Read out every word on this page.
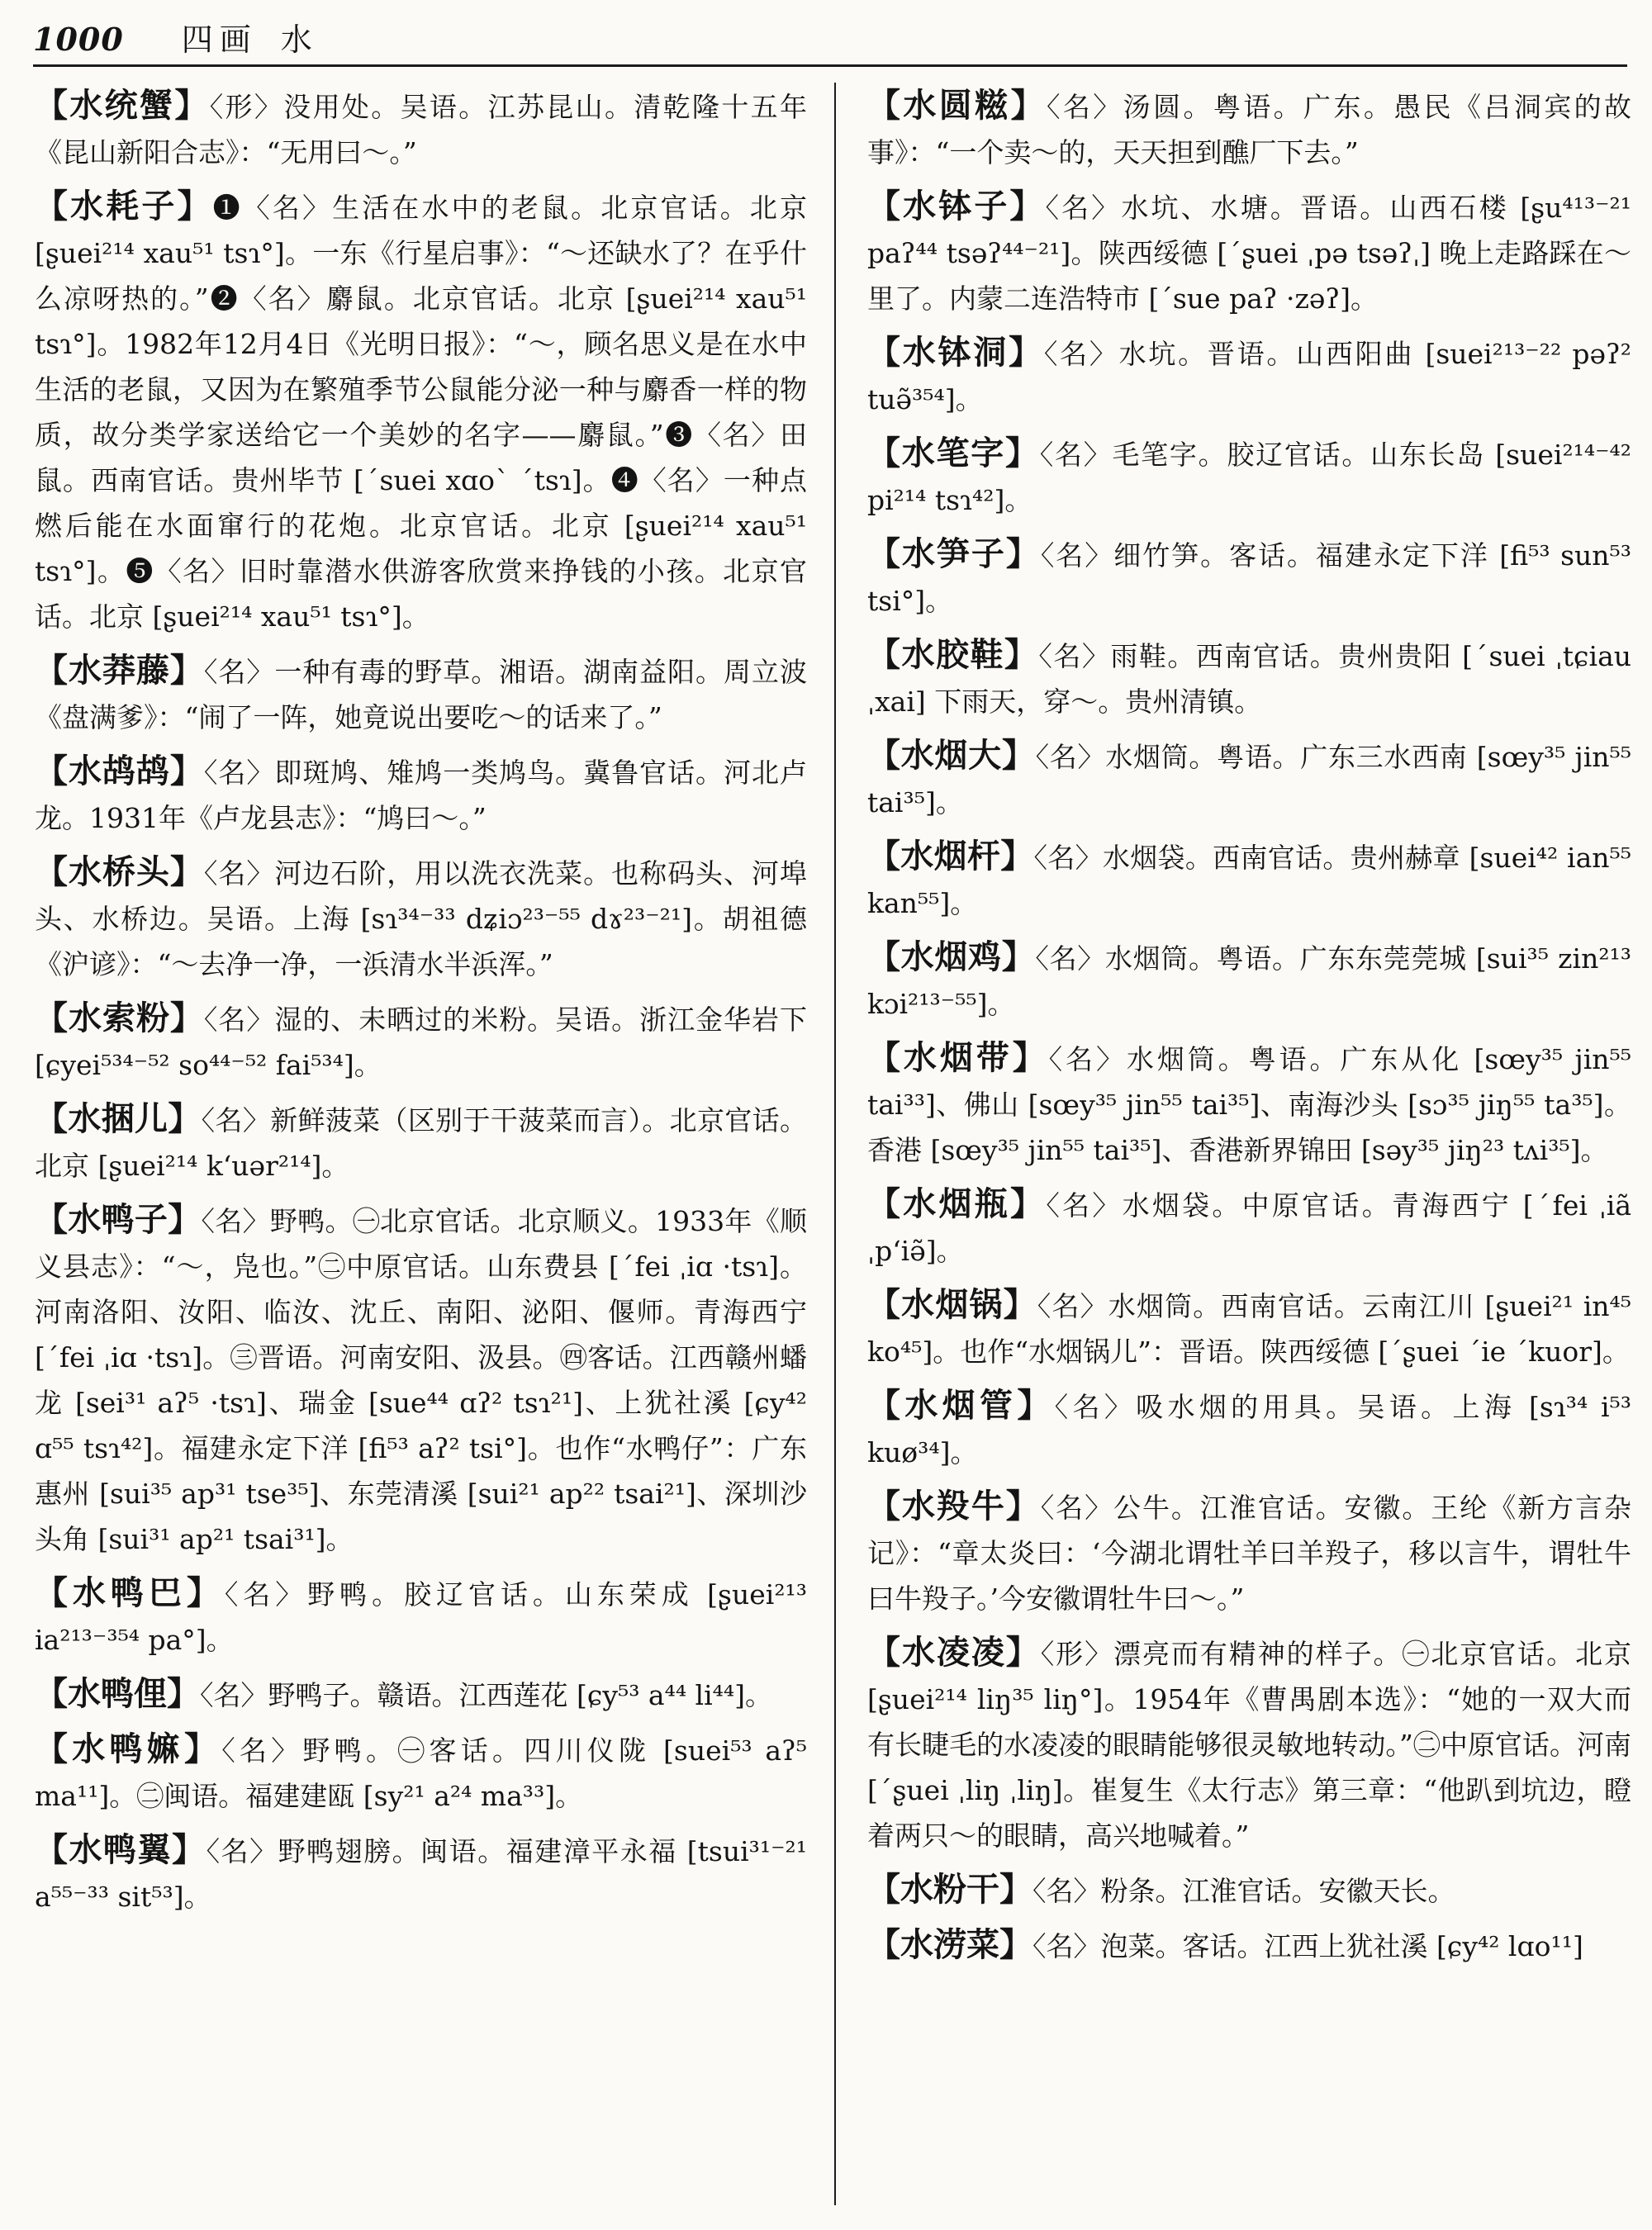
1000 四画 水
【水统蟹】〈形〉没用处。吴语。江苏昆山。清乾隆十五年《昆山新阳合志》：“无用曰～。”
【水耗子】❶〈名〉生活在水中的老鼠。北京官话。北京 [ʂuei²¹⁴ xau⁵¹ tsɿ°]。一东《行星启事》：“～还缺水了？在乎什么凉呀热的。”❷〈名〉麝鼠。北京官话。北京 [ʂuei²¹⁴ xau⁵¹ tsɿ°]。1982年12月4日《光明日报》：“～，顾名思义是在水中生活的老鼠，又因为在繁殖季节公鼠能分泌一种与麝香一样的物质，故分类学家送给它一个美妙的名字——麝鼠。”❸〈名〉田鼠。西南官话。贵州毕节 [ˊsuei xɑoˋ ˊtsɿ]。❹〈名〉一种点燃后能在水面窜行的花炮。北京官话。北京 [ʂuei²¹⁴ xau⁵¹ tsɿ°]。❺〈名〉旧时靠潜水供游客欣赏来挣钱的小孩。北京官话。北京 [ʂuei²¹⁴ xau⁵¹ tsɿ°]。
【水莽藤】〈名〉一种有毒的野草。湘语。湖南益阳。周立波《盘满爹》：“闹了一阵，她竟说出要吃～的话来了。”
【水鸪鸪】〈名〉即斑鸠、雉鸠一类鸠鸟。冀鲁官话。河北卢龙。1931年《卢龙县志》：“鸠曰～。”
【水桥头】〈名〉河边石阶，用以洗衣洗菜。也称码头、河埠头、水桥边。吴语。上海 [sɿ³⁴⁻³³ dʑiɔ²³⁻⁵⁵ dɤ²³⁻²¹]。胡祖德《沪谚》：“～去净一净，一浜清水半浜浑。”
【水索粉】〈名〉湿的、未晒过的米粉。吴语。浙江金华岩下 [ɕyei⁵³⁴⁻⁵² so⁴⁴⁻⁵² fai⁵³⁴]。
【水捆儿】〈名〉新鲜菠菜（区别于干菠菜而言）。北京官话。北京 [ʂuei²¹⁴ kʻuər²¹⁴]。
【水鸭子】〈名〉野鸭。㊀北京官话。北京顺义。1933年《顺义县志》：“～，凫也。”㊁中原官话。山东费县 [ˊfei ˌiɑ ·tsɿ]。河南洛阳、汝阳、临汝、沈丘、南阳、泌阳、偃师。青海西宁 [ˊfei ˌiɑ ·tsɿ]。㊂晋语。河南安阳、汲县。㊃客话。江西赣州蟠龙 [sei³¹ aʔ⁵ ·tsɿ]、瑞金 [sue⁴⁴ ɑʔ² tsɿ²¹]、上犹社溪 [ɕy⁴² ɑ⁵⁵ tsɿ⁴²]。福建永定下洋 [fi⁵³ aʔ² tsi°]。也作“水鸭仔”：广东惠州 [sui³⁵ ap³¹ tse³⁵]、东莞清溪 [sui²¹ ap²² tsai²¹]、深圳沙头角 [sui³¹ ap²¹ tsai³¹]。
【水鸭巴】〈名〉野鸭。胶辽官话。山东荣成 [ʂuei²¹³ ia²¹³⁻³⁵⁴ pa°]。
【水鸭俚】〈名〉野鸭子。赣语。江西莲花 [ɕy⁵³ a⁴⁴ li⁴⁴]。
【水鸭嫲】〈名〉野鸭。㊀客话。四川仪陇 [suei⁵³ aʔ⁵ ma¹¹]。㊁闽语。福建建瓯 [sy²¹ a²⁴ ma³³]。
【水鸭翼】〈名〉野鸭翅膀。闽语。福建漳平永福 [tsui³¹⁻²¹ a⁵⁵⁻³³ sit⁵³]。
【水圆糍】〈名〉汤圆。粤语。广东。愚民《吕洞宾的故事》：“一个卖～的，天天担到醮厂下去。”
【水钵子】〈名〉水坑、水塘。晋语。山西石楼 [ʂu⁴¹³⁻²¹ paʔ⁴⁴ tsəʔ⁴⁴⁻²¹]。陕西绥德 [ˊʂuei ˌpə tsəʔˌ] 晚上走路踩在～里了。内蒙二连浩特市 [ˊsue paʔ ·zəʔ]。
【水钵洞】〈名〉水坑。晋语。山西阳曲 [suei²¹³⁻²² pəʔ² tuə̃³⁵⁴]。
【水笔字】〈名〉毛笔字。胶辽官话。山东长岛 [suei²¹⁴⁻⁴² pi²¹⁴ tsɿ⁴²]。
【水笋子】〈名〉细竹笋。客话。福建永定下洋 [fi⁵³ sun⁵³ tsi°]。
【水胶鞋】〈名〉雨鞋。西南官话。贵州贵阳 [ˊsuei ˌtɕiau ˌxai] 下雨天，穿～。贵州清镇。
【水烟大】〈名〉水烟筒。粤语。广东三水西南 [sœy³⁵ jin⁵⁵ tai³⁵]。
【水烟杆】〈名〉水烟袋。西南官话。贵州赫章 [suei⁴² ian⁵⁵ kan⁵⁵]。
【水烟鸡】〈名〉水烟筒。粤语。广东东莞莞城 [sui³⁵ zin²¹³ kɔi²¹³⁻⁵⁵]。
【水烟带】〈名〉水烟筒。粤语。广东从化 [sœy³⁵ jin⁵⁵ tai³³]、佛山 [sœy³⁵ jin⁵⁵ tai³⁵]、南海沙头 [sɔ³⁵ jiŋ⁵⁵ ta³⁵]。香港 [sœy³⁵ jin⁵⁵ tai³⁵]、香港新界锦田 [səy³⁵ jiŋ²³ tʌi³⁵]。
【水烟瓶】〈名〉水烟袋。中原官话。青海西宁 [ˊfei ˌiã ˌpʻiə̃]。
【水烟锅】〈名〉水烟筒。西南官话。云南江川 [ʂuei²¹ in⁴⁵ ko⁴⁵]。也作“水烟锅儿”：晋语。陕西绥德 [ˊʂuei ˊie ˊkuor]。
【水烟管】〈名〉吸水烟的用具。吴语。上海 [sɿ³⁴ i⁵³ kuø³⁴]。
【水羖牛】〈名〉公牛。江淮官话。安徽。王纶《新方言杂记》：“章太炎曰：‘今湖北谓牡羊曰羊羖子，移以言牛，谓牡牛曰牛羖子。’今安徽谓牡牛曰～。”
【水凌凌】〈形〉漂亮而有精神的样子。㊀北京官话。北京 [ʂuei²¹⁴ liŋ³⁵ liŋ°]。1954年《曹禺剧本选》：“她的一双大而有长睫毛的水凌凌的眼睛能够很灵敏地转动。”㊁中原官话。河南 [ˊʂuei ˌliŋ ˌliŋ]。崔复生《太行志》第三章：“他趴到坑边，瞪着两只～的眼睛，高兴地喊着。”
【水粉干】〈名〉粉条。江淮官话。安徽天长。
【水涝菜】〈名〉泡菜。客话。江西上犹社溪 [ɕy⁴² lɑo¹¹]
